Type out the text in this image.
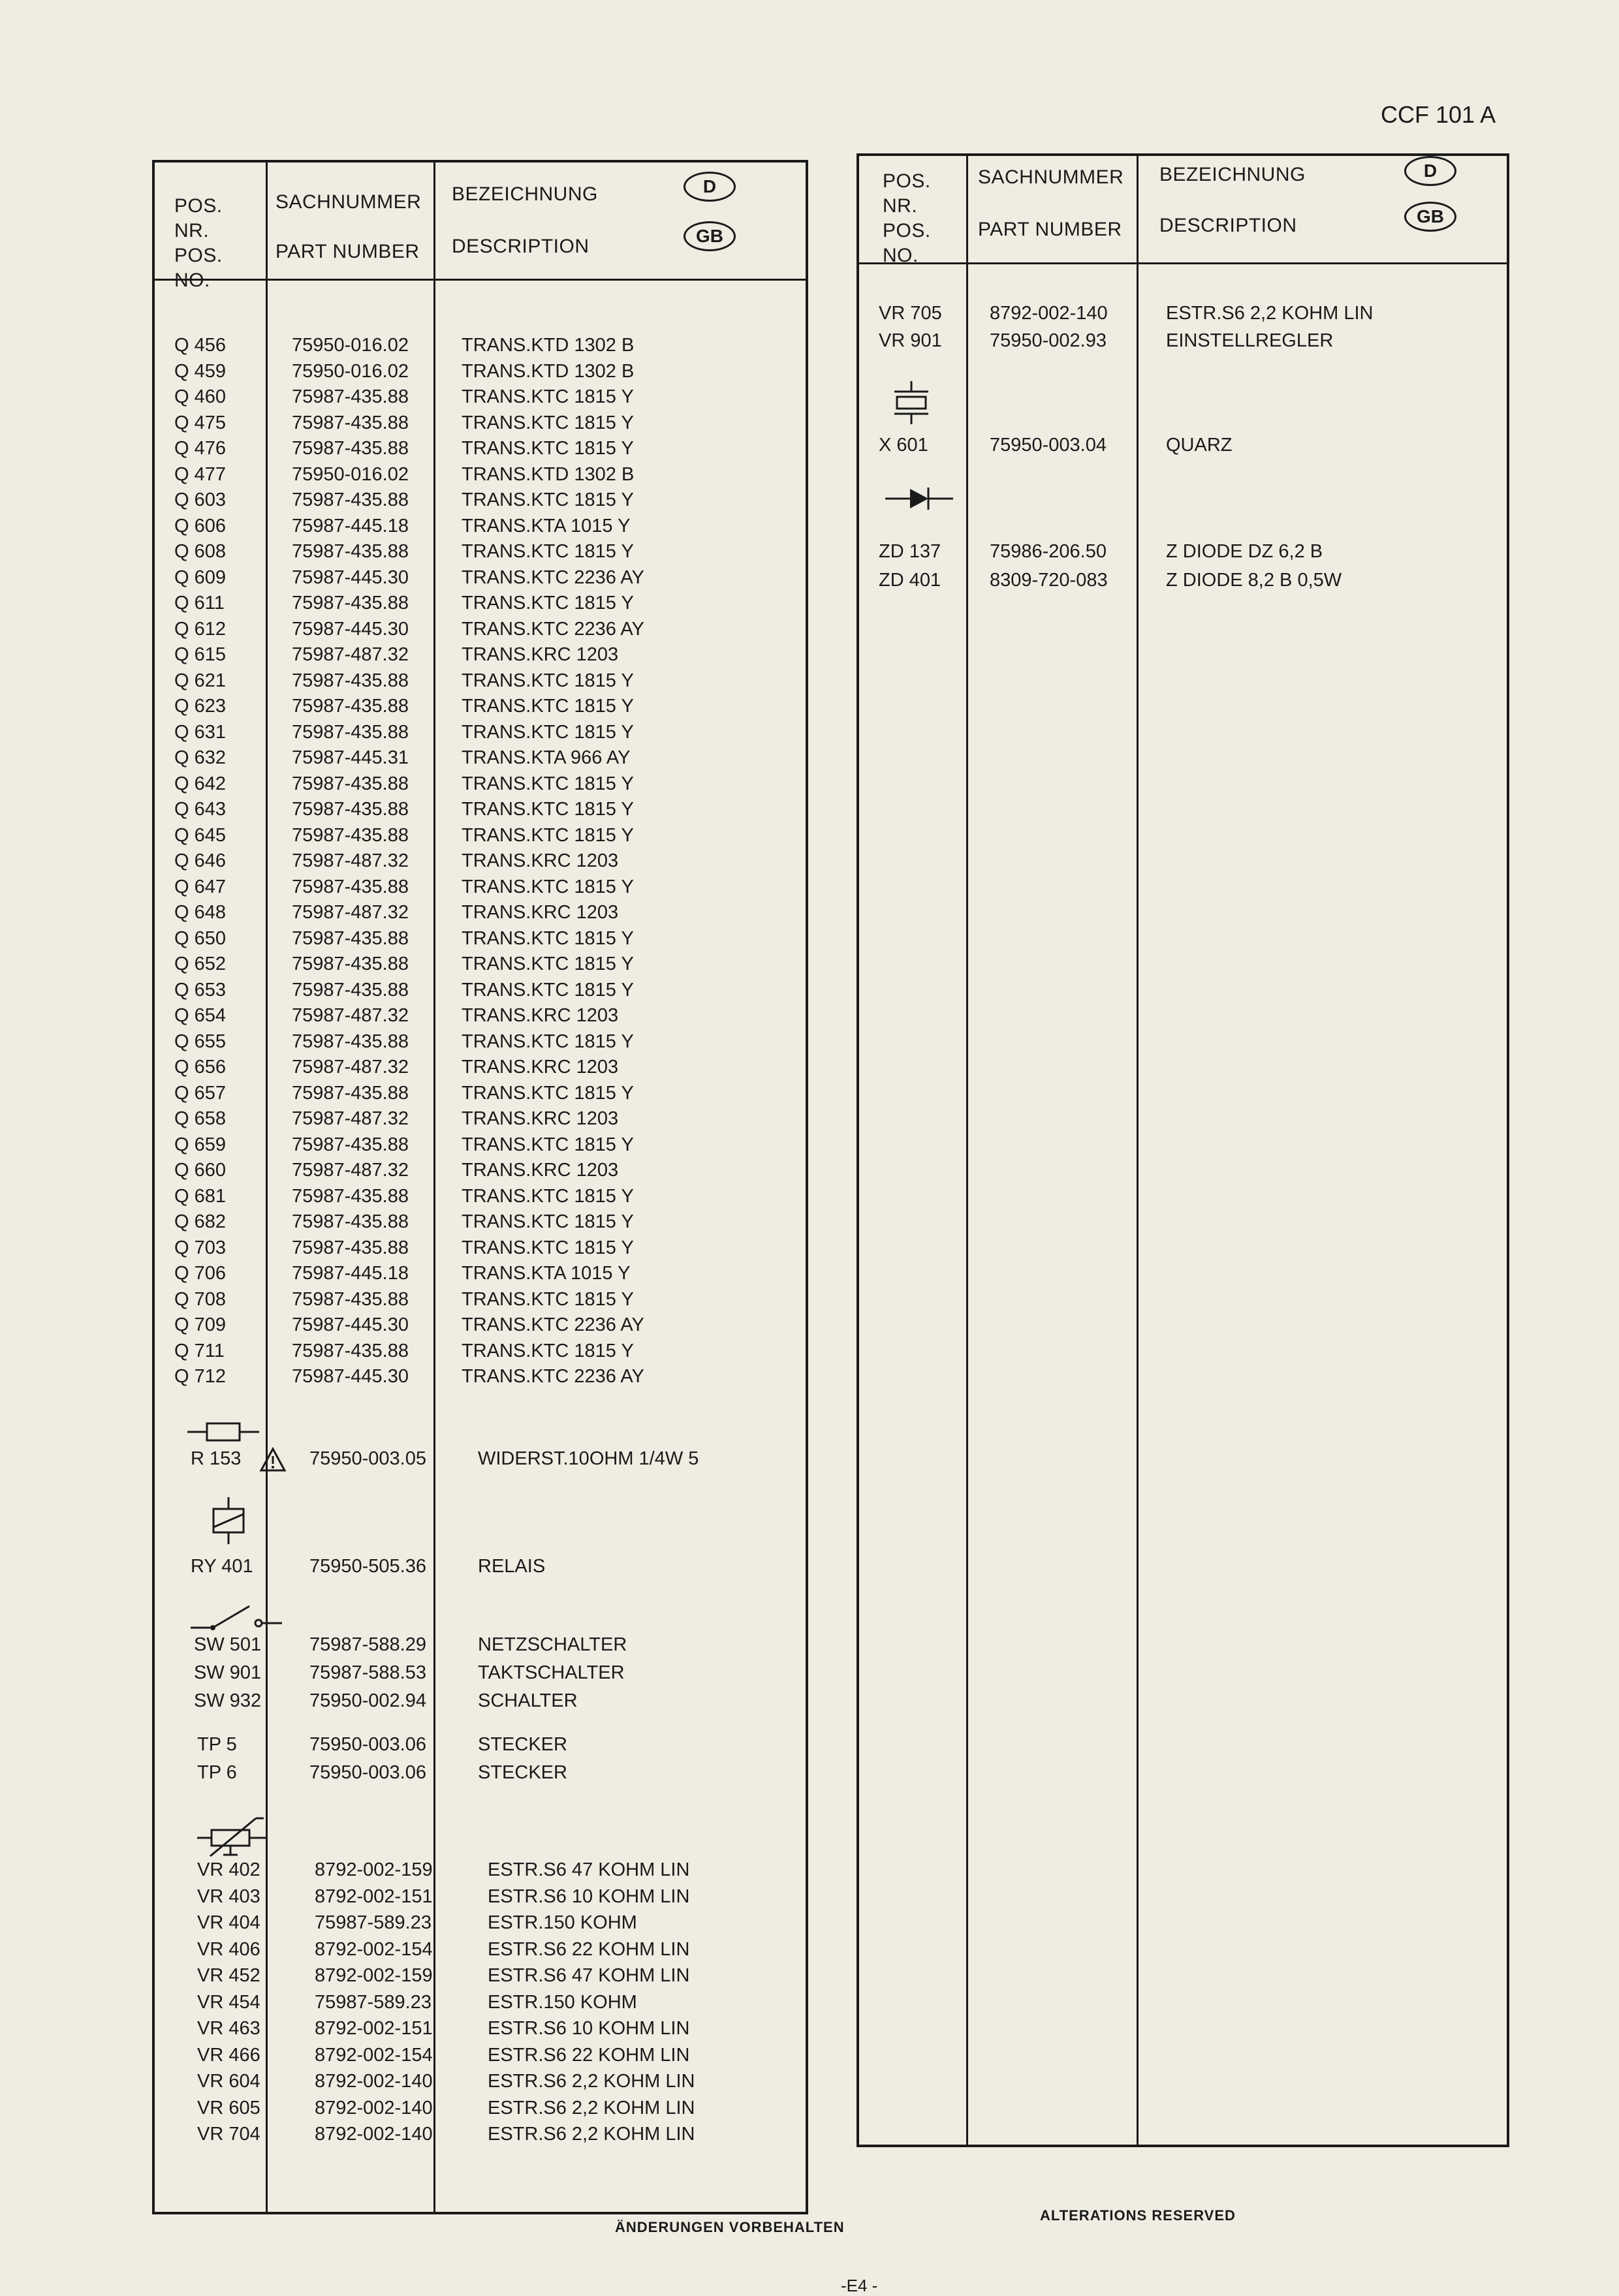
CCF 101 A
POS.
NR.
POS.
NO.
SACHNUMMER
PART NUMBER
BEZEICHNUNG
DESCRIPTION
D
GB
Q 456	75950-016.02	TRANS.KTD 1302 B
Q 459	75950-016.02	TRANS.KTD 1302 B
Q 460	75987-435.88	TRANS.KTC 1815 Y
Q 475	75987-435.88	TRANS.KTC 1815 Y
Q 476	75987-435.88	TRANS.KTC 1815 Y
Q 477	75950-016.02	TRANS.KTD 1302 B
Q 603	75987-435.88	TRANS.KTC 1815 Y
Q 606	75987-445.18	TRANS.KTA 1015 Y
Q 608	75987-435.88	TRANS.KTC 1815 Y
Q 609	75987-445.30	TRANS.KTC 2236 AY
Q 611	75987-435.88	TRANS.KTC 1815 Y
Q 612	75987-445.30	TRANS.KTC 2236 AY
Q 615	75987-487.32	TRANS.KRC 1203
Q 621	75987-435.88	TRANS.KTC 1815 Y
Q 623	75987-435.88	TRANS.KTC 1815 Y
Q 631	75987-435.88	TRANS.KTC 1815 Y
Q 632	75987-445.31	TRANS.KTA 966 AY
Q 642	75987-435.88	TRANS.KTC 1815 Y
Q 643	75987-435.88	TRANS.KTC 1815 Y
Q 645	75987-435.88	TRANS.KTC 1815 Y
Q 646	75987-487.32	TRANS.KRC 1203
Q 647	75987-435.88	TRANS.KTC 1815 Y
Q 648	75987-487.32	TRANS.KRC 1203
Q 650	75987-435.88	TRANS.KTC 1815 Y
Q 652	75987-435.88	TRANS.KTC 1815 Y
Q 653	75987-435.88	TRANS.KTC 1815 Y
Q 654	75987-487.32	TRANS.KRC 1203
Q 655	75987-435.88	TRANS.KTC 1815 Y
Q 656	75987-487.32	TRANS.KRC 1203
Q 657	75987-435.88	TRANS.KTC 1815 Y
Q 658	75987-487.32	TRANS.KRC 1203
Q 659	75987-435.88	TRANS.KTC 1815 Y
Q 660	75987-487.32	TRANS.KRC 1203
Q 681	75987-435.88	TRANS.KTC 1815 Y
Q 682	75987-435.88	TRANS.KTC 1815 Y
Q 703	75987-435.88	TRANS.KTC 1815 Y
Q 706	75987-445.18	TRANS.KTA 1015 Y
Q 708	75987-435.88	TRANS.KTC 1815 Y
Q 709	75987-445.30	TRANS.KTC 2236 AY
Q 711	75987-435.88	TRANS.KTC 1815 Y
Q 712	75987-445.30	TRANS.KTC 2236 AY
R 153	75950-003.05	WIDERST.10OHM 1/4W 5
RY 401	75950-505.36	RELAIS
SW 501	75987-588.29	NETZSCHALTER
SW 901	75987-588.53	TAKTSCHALTER
SW 932	75950-002.94	SCHALTER
TP 5	75950-003.06	STECKER
TP 6	75950-003.06	STECKER
VR 402	8792-002-159	ESTR.S6 47 KOHM LIN
VR 403	8792-002-151	ESTR.S6 10 KOHM LIN
VR 404	75987-589.23	ESTR.150 KOHM
VR 406	8792-002-154	ESTR.S6 22 KOHM LIN
VR 452	8792-002-159	ESTR.S6 47 KOHM LIN
VR 454	75987-589.23	ESTR.150 KOHM
VR 463	8792-002-151	ESTR.S6 10 KOHM LIN
VR 466	8792-002-154	ESTR.S6 22 KOHM LIN
VR 604	8792-002-140	ESTR.S6 2,2 KOHM LIN
VR 605	8792-002-140	ESTR.S6 2,2 KOHM LIN
VR 704	8792-002-140	ESTR.S6 2,2 KOHM LIN
POS.
NR.
POS.
NO.
SACHNUMMER
PART NUMBER
BEZEICHNUNG
DESCRIPTION
D
GB
VR 705	8792-002-140	ESTR.S6 2,2 KOHM LIN
VR 901	75950-002.93	EINSTELLREGLER
X 601	75950-003.04	QUARZ
ZD 137	75986-206.50	Z DIODE DZ 6,2 B
ZD 401	8309-720-083	Z DIODE 8,2 B 0,5W
ÄNDERUNGEN VORBEHALTEN
ALTERATIONS RESERVED
-E4 -
